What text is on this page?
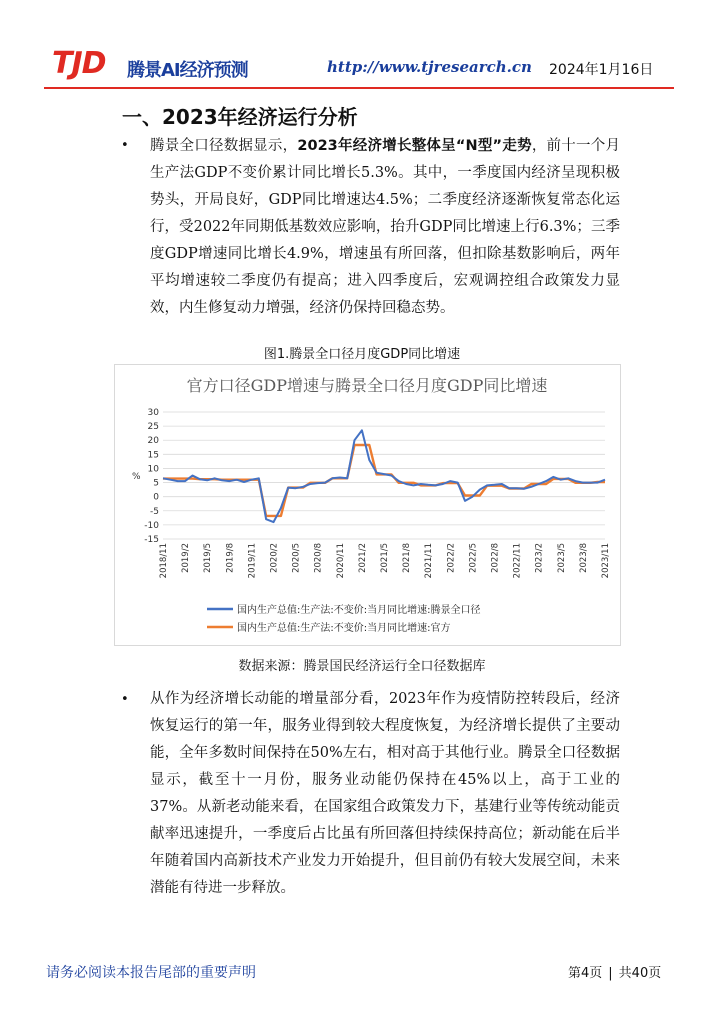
TJD 腾景AI经济预测	http://www.tjresearch.cn 2024年1月16日
一、2023年经济运行分析
• 腾景全口径数据显示，2023年经济增长整体呈“N型”走势，前十一个月生产法GDP不变价累计同比增长5.3%。其中，一季度国内经济呈现积极势头，开局良好，GDP同比增速达4.5%；二季度经济逐渐恢复常态化运行，受2022年同期低基数效应影响，抬升GDP同比增速上行6.3%；三季度GDP增速同比增长4.9%，增速虽有所回落，但扣除基数影响后，两年平均增速较二季度仍有提高；进入四季度后，宏观调控组合政策发力显效，内生修复动力增强，经济仍保持回稳态势。
图1.腾景全口径月度GDP同比增速
官方口径GDP增速与腾景全口径月度GDP同比增速
30
25
20
15
10
5
0
-5
-10
-15
%
2018/11 2019/2 2019/5 2019/8 2019/11 2020/2 2020/5 2020/8 2020/11 2021/2 2021/5 2021/8 2021/11 2022/2 2022/5 2022/8 2022/11 2023/2 2023/5 2023/8 2023/11
国内生产总值:生产法:不变价:当月同比增速:腾景全口径
国内生产总值:生产法:不变价:当月同比增速:官方
数据来源：腾景国民经济运行全口径数据库
• 从作为经济增长动能的增量部分看，2023年作为疫情防控转段后，经济恢复运行的第一年，服务业得到较大程度恢复，为经济增长提供了主要动能，全年多数时间保持在50%左右，相对高于其他行业。腾景全口径数据显示，截至十一月份，服务业动能仍保持在45%以上，高于工业的37%。从新老动能来看，在国家组合政策发力下，基建行业等传统动能贡献率迅速提升，一季度后占比虽有所回落但持续保持高位；新动能在后半年随着国内高新技术产业发力开始提升，但目前仍有较大发展空间，未来潜能有待进一步释放。
请务必阅读本报告尾部的重要声明	第4页 | 共40页
